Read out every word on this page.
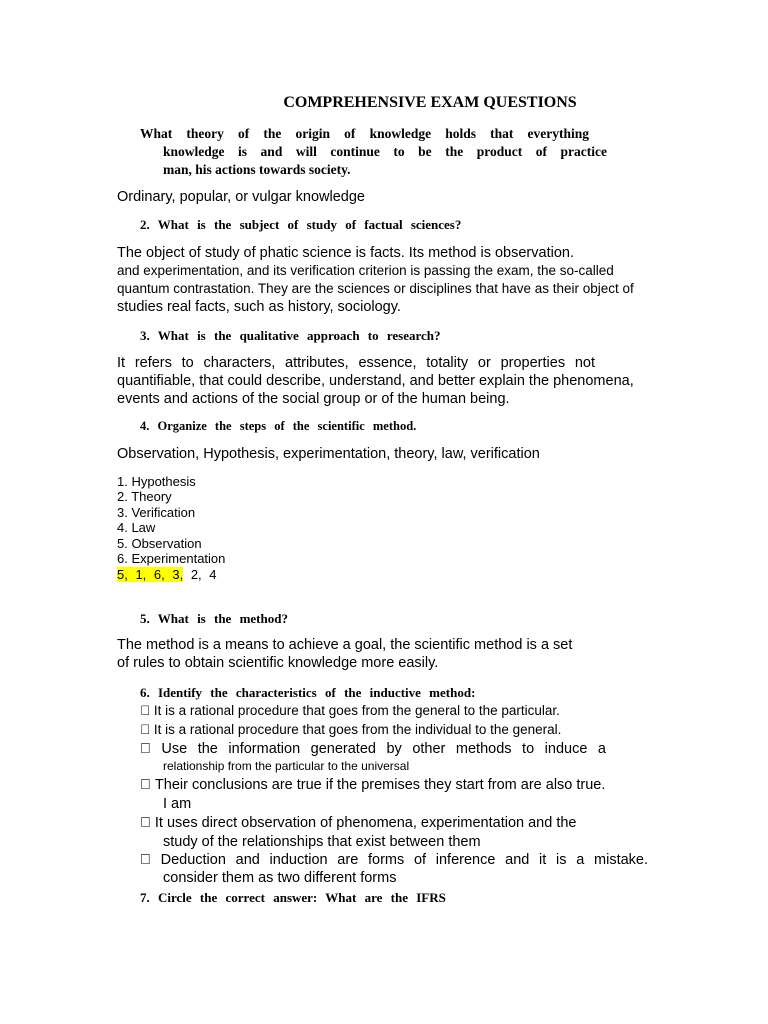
COMPREHENSIVE EXAM QUESTIONS
What theory of the origin of knowledge holds that everything
knowledge is and will continue to be the product of practice
man, his actions towards society.
Ordinary, popular, or vulgar knowledge
2. What is the subject of study of factual sciences?
The object of study of phatic science is facts. Its method is observation.
and experimentation, and its verification criterion is passing the exam, the so-called
quantum contrastation. They are the sciences or disciplines that have as their object of
studies real facts, such as history, sociology.
3. What is the qualitative approach to research?
It refers to characters, attributes, essence, totality or properties not
quantifiable, that could describe, understand, and better explain the phenomena,
events and actions of the social group or of the human being.
4. Organize the steps of the scientific method.
Observation, Hypothesis, experimentation, theory, law, verification
1. Hypothesis
2. Theory
3. Verification
4. Law
5. Observation
6. Experimentation
5, 1, 6, 3, 2, 4
5. What is the method?
The method is a means to achieve a goal, the scientific method is a set
of rules to obtain scientific knowledge more easily.
6. Identify the characteristics of the inductive method:
It is a rational procedure that goes from the general to the particular.
It is a rational procedure that goes from the individual to the general.
Use the information generated by other methods to induce a
relationship from the particular to the universal
Their conclusions are true if the premises they start from are also true.
I am
It uses direct observation of phenomena, experimentation and the
study of the relationships that exist between them
Deduction and induction are forms of inference and it is a mistake.
consider them as two different forms
7. Circle the correct answer: What are the IFRS
